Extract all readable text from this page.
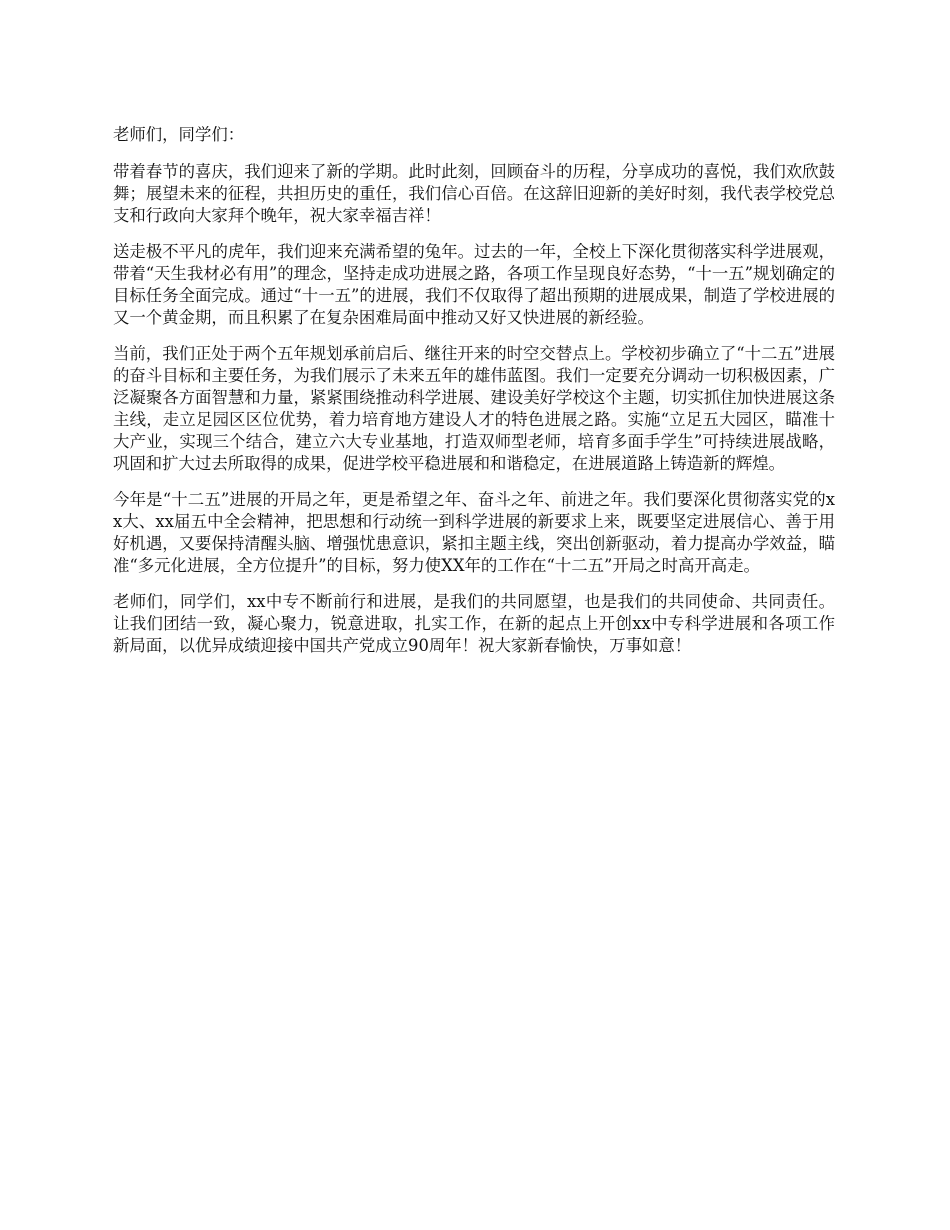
老师们，同学们：

带着春节的喜庆，我们迎来了新的学期。此时此刻，回顾奋斗的历程，分享成功的喜悦，我们欢欣鼓舞；展望未来的征程，共担历史的重任，我们信心百倍。在这辞旧迎新的美好时刻，我代表学校党总支和行政向大家拜个晚年，祝大家幸福吉祥！

送走极不平凡的虎年，我们迎来充满希望的兔年。过去的一年，全校上下深化贯彻落实科学进展观，带着“天生我材必有用”的理念，坚持走成功进展之路，各项工作呈现良好态势，“十一五”规划确定的目标任务全面完成。通过“十一五”的进展，我们不仅取得了超出预期的进展成果，制造了学校进展的又一个黄金期，而且积累了在复杂困难局面中推动又好又快进展的新经验。

当前，我们正处于两个五年规划承前启后、继往开来的时空交替点上。学校初步确立了“十二五”进展的奋斗目标和主要任务，为我们展示了未来五年的雄伟蓝图。我们一定要充分调动一切积极因素，广泛凝聚各方面智慧和力量，紧紧围绕推动科学进展、建设美好学校这个主题，切实抓住加快进展这条主线，走立足园区区位优势，着力培育地方建设人才的特色进展之路。实施“立足五大园区，瞄准十大产业，实现三个结合，建立六大专业基地，打造双师型老师，培育多面手学生”可持续进展战略，巩固和扩大过去所取得的成果，促进学校平稳进展和和谐稳定，在进展道路上铸造新的辉煌。

今年是“十二五”进展的开局之年，更是希望之年、奋斗之年、前进之年。我们要深化贯彻落实党的xx大、xx届五中全会精神，把思想和行动统一到科学进展的新要求上来，既要坚定进展信心、善于用好机遇，又要保持清醒头脑、增强忧患意识，紧扣主题主线，突出创新驱动，着力提高办学效益，瞄准“多元化进展，全方位提升”的目标，努力使XX年的工作在“十二五”开局之时高开高走。

老师们，同学们，xx中专不断前行和进展，是我们的共同愿望，也是我们的共同使命、共同责任。让我们团结一致，凝心聚力，锐意进取，扎实工作，在新的起点上开创xx中专科学进展和各项工作新局面，以优异成绩迎接中国共产党成立90周年！祝大家新春愉快，万事如意！
